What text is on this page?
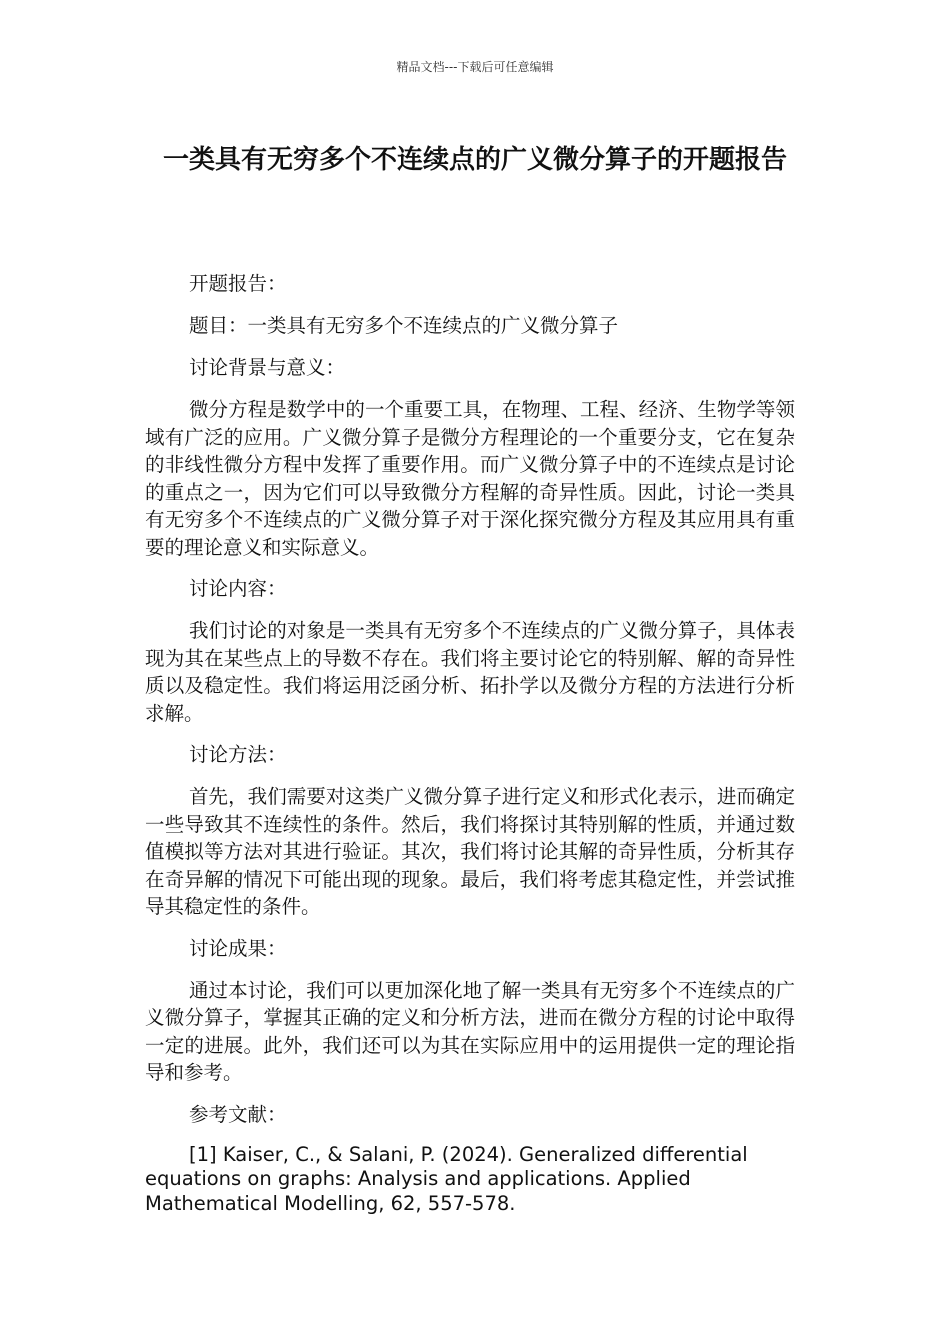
精品文档---下载后可任意编辑
一类具有无穷多个不连续点的广义微分算子的开题报告

开题报告：

题目：一类具有无穷多个不连续点的广义微分算子

讨论背景与意义：

微分方程是数学中的一个重要工具，在物理、工程、经济、生物学等领域有广泛的应用。广义微分算子是微分方程理论的一个重要分支，它在复杂的非线性微分方程中发挥了重要作用。而广义微分算子中的不连续点是讨论的重点之一，因为它们可以导致微分方程解的奇异性质。因此，讨论一类具有无穷多个不连续点的广义微分算子对于深化探究微分方程及其应用具有重要的理论意义和实际意义。

讨论内容：

我们讨论的对象是一类具有无穷多个不连续点的广义微分算子，具体表现为其在某些点上的导数不存在。我们将主要讨论它的特别解、解的奇异性质以及稳定性。我们将运用泛函分析、拓扑学以及微分方程的方法进行分析求解。

讨论方法：

首先，我们需要对这类广义微分算子进行定义和形式化表示，进而确定一些导致其不连续性的条件。然后，我们将探讨其特别解的性质，并通过数值模拟等方法对其进行验证。其次，我们将讨论其解的奇异性质，分析其存在奇异解的情况下可能出现的现象。最后，我们将考虑其稳定性，并尝试推导其稳定性的条件。

讨论成果：

通过本讨论，我们可以更加深化地了解一类具有无穷多个不连续点的广义微分算子，掌握其正确的定义和分析方法，进而在微分方程的讨论中取得一定的进展。此外，我们还可以为其在实际应用中的运用提供一定的理论指导和参考。

参考文献：

[1] Kaiser, C., & Salani, P. (2024). Generalized differential equations on graphs: Analysis and applications. Applied Mathematical Modelling, 62, 557-578.
